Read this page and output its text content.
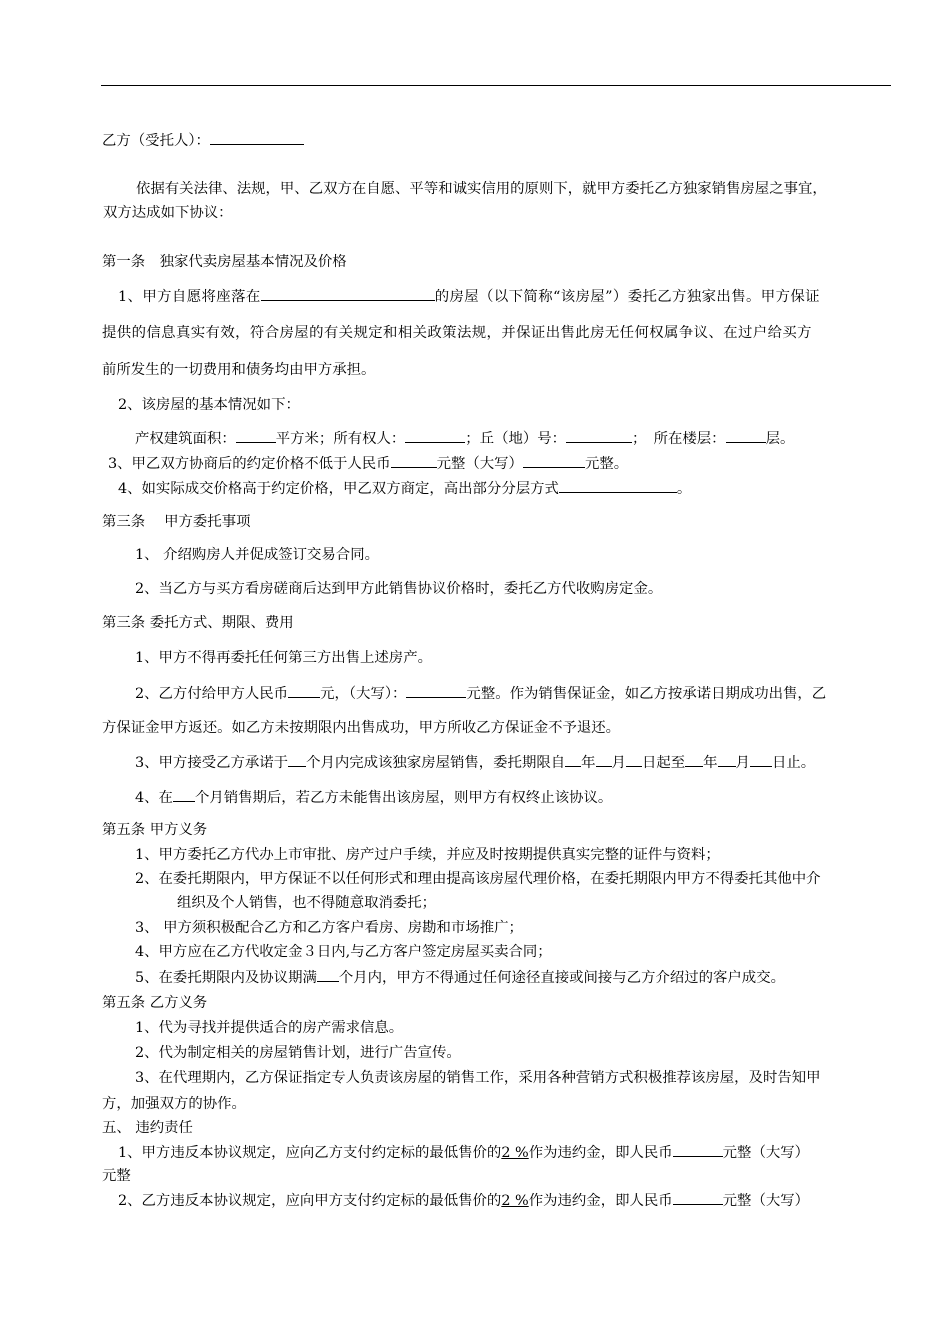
乙方（受托人）：
依据有关法律、法规，甲、乙双方在自愿、平等和诚实信用的原则下，就甲方委托乙方独家销售房屋之事宜，
双方达成如下协议：
第一条　独家代卖房屋基本情况及价格
1、甲方自愿将座落在	的房屋（以下简称“该房屋”）委托乙方独家出售。甲方保证
提供的信息真实有效，符合房屋的有关规定和相关政策法规，并保证出售此房无任何权属争议、在过户给买方
前所发生的一切费用和债务均由甲方承担。
2、该房屋的基本情况如下：
产权建筑面积：	平方米；所有权人：	；丘（地）号：	；　所在楼层：	层。
3、甲乙双方协商后的约定价格不低于人民币	元整（大写）	元整。
4、如实际成交价格高于约定价格，甲乙双方商定，高出部分分层方式	。
第三条　 甲方委托事项
1、 介绍购房人并促成签订交易合同。
2、当乙方与买方看房磋商后达到甲方此销售协议价格时，委托乙方代收购房定金。
第三条 委托方式、期限、费用
1、甲方不得再委托任何第三方出售上述房产。
2、乙方付给甲方人民币 元，（大写）：	元整。作为销售保证金，如乙方按承诺日期成功出售，乙
方保证金甲方返还。如乙方未按期限内出售成功，甲方所收乙方保证金不予退还。
3、甲方接受乙方承诺于 个月内完成该独家房屋销售，委托期限自 年 月 日起至 年 月 日止。
4、在 个月销售期后，若乙方未能售出该房屋，则甲方有权终止该协议。
第五条 甲方义务
1、甲方委托乙方代办上市审批、房产过户手续，并应及时按期提供真实完整的证件与资料；
2、在委托期限内，甲方保证不以任何形式和理由提高该房屋代理价格，在委托期限内甲方不得委托其他中介
组织及个人销售，也不得随意取消委托；
3、 甲方须积极配合乙方和乙方客户看房、房勘和市场推广；
4、甲方应在乙方代收定金３日内,与乙方客户签定房屋买卖合同；
5、在委托期限内及协议期满 个月内，甲方不得通过任何途径直接或间接与乙方介绍过的客户成交。
第五条 乙方义务
1、代为寻找并提供适合的房产需求信息。
2、代为制定相关的房屋销售计划，进行广告宣传。
3、在代理期内，乙方保证指定专人负责该房屋的销售工作，采用各种营销方式积极推荐该房屋，及时告知甲
方，加强双方的协作。
五、 违约责任
1、甲方违反本协议规定，应向乙方支付约定标的最低售价的2 %作为违约金，即人民币	元整（大写）
元整
2、乙方违反本协议规定，应向甲方支付约定标的最低售价的2 %作为违约金，即人民币	元整（大写）
